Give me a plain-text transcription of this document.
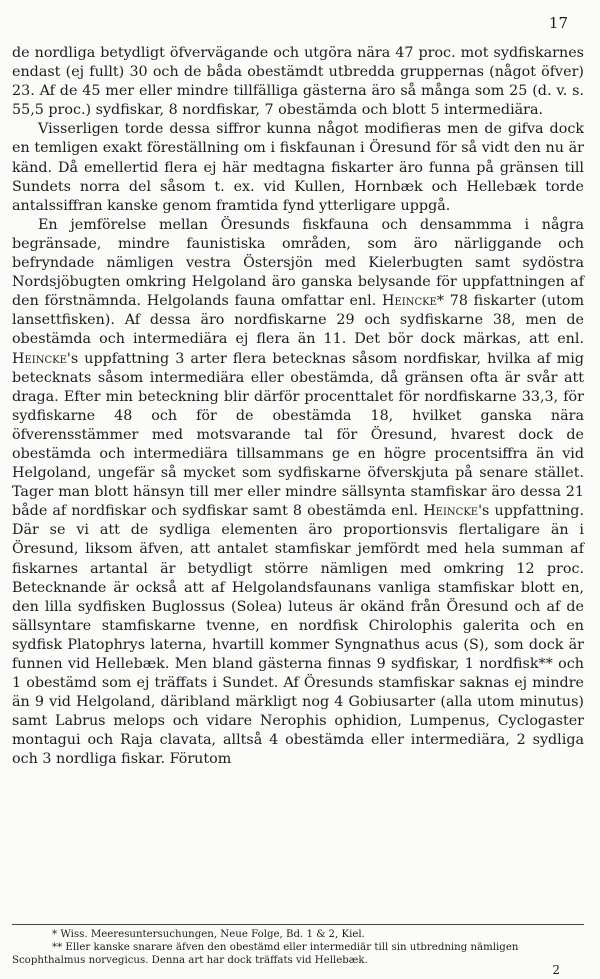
17

de nordliga betydligt öfvervägande och utgöra nära 47 proc. mot sydfiskarnes endast (ej fullt) 30 och de båda obestämdt utbredda gruppernas (något öfver) 23. Af de 45 mer eller mindre tillfälliga gästerna äro så många som 25 (d. v. s. 55,5 proc.) sydfiskar, 8 nordfiskar, 7 obestämda och blott 5 intermediära.

Visserligen torde dessa siffror kunna något modifieras men de gifva dock en temligen exakt föreställning om i fiskfaunan i Öresund för så vidt den nu är känd. Då emellertid flera ej här medtagna fiskarter äro funna på gränsen till Sundets norra del såsom t. ex. vid Kullen, Hornbæk och Hellebæk torde antalssiffran kanske genom framtida fynd ytterligare uppgå.

En jemförelse mellan Öresunds fiskfauna och densammma i några begränsade, mindre faunistiska områden, som äro närliggande och befryndade nämligen vestra Östersjön med Kielerbugten samt sydöstra Nordsjöbugten omkring Helgoland äro ganska belysande för uppfattningen af den förstnämnda. Helgolands fauna omfattar enl. Heincke* 78 fiskarter (utom lansettfisken). Af dessa äro nordfiskarne 29 och sydfiskarne 38, men de obestämda och intermediära ej flera än 11. Det bör dock märkas, att enl. Heincke's uppfattning 3 arter flera betecknas såsom nordfiskar, hvilka af mig betecknats såsom intermediära eller obestämda, då gränsen ofta är svår att draga. Efter min beteckning blir därför procenttalet för nordfiskarne 33,3, för sydfiskarne 48 och för de obestämda 18, hvilket ganska nära öfverensstämmer med motsvarande tal för Öresund, hvarest dock de obestämda och intermediära tillsammans ge en högre procentsiffra än vid Helgoland, ungefär så mycket som sydfiskarne öfverskjuta på senare stället. Tager man blott hänsyn till mer eller mindre sällsynta stamfiskar äro dessa 21 både af nordfiskar och sydfiskar samt 8 obestämda enl. Heincke's uppfattning. Där se vi att de sydliga elementen äro proportionsvis flertaligare än i Öresund, liksom äfven, att antalet stamfiskar jemfördt med hela summan af fiskarnes artantal är betydligt större nämligen med omkring 12 proc. Betecknande är också att af Helgolandsfaunans vanliga stamfiskar blott en, den lilla sydfisken Buglossus (Solea) luteus är okänd från Öresund och af de sällsyntare stamfiskarne tvenne, en nordfisk Chirolophis galerita och en sydfisk Platophrys laterna, hvartill kommer Syngnathus acus (S), som dock är funnen vid Hellebæk. Men bland gästerna finnas 9 sydfiskar, 1 nordfisk** och 1 obestämd som ej träffats i Sundet. Af Öresunds stamfiskar saknas ej mindre än 9 vid Helgoland, däribland märkligt nog 4 Gobiusarter (alla utom minutus) samt Labrus melops och vidare Nerophis ophidion, Lumpenus, Cyclogaster montagui och Raja clavata, alltså 4 obestämda eller intermediära, 2 sydliga och 3 nordliga fiskar. Förutom

* Wiss. Meeresuntersuchungen, Neue Folge, Bd. 1 & 2, Kiel.

** Eller kanske snarare äfven den obestämd eller intermediär till sin utbredning nämligen Scophthalmus norvegicus. Denna art har dock träffats vid Hellebæk.

2
